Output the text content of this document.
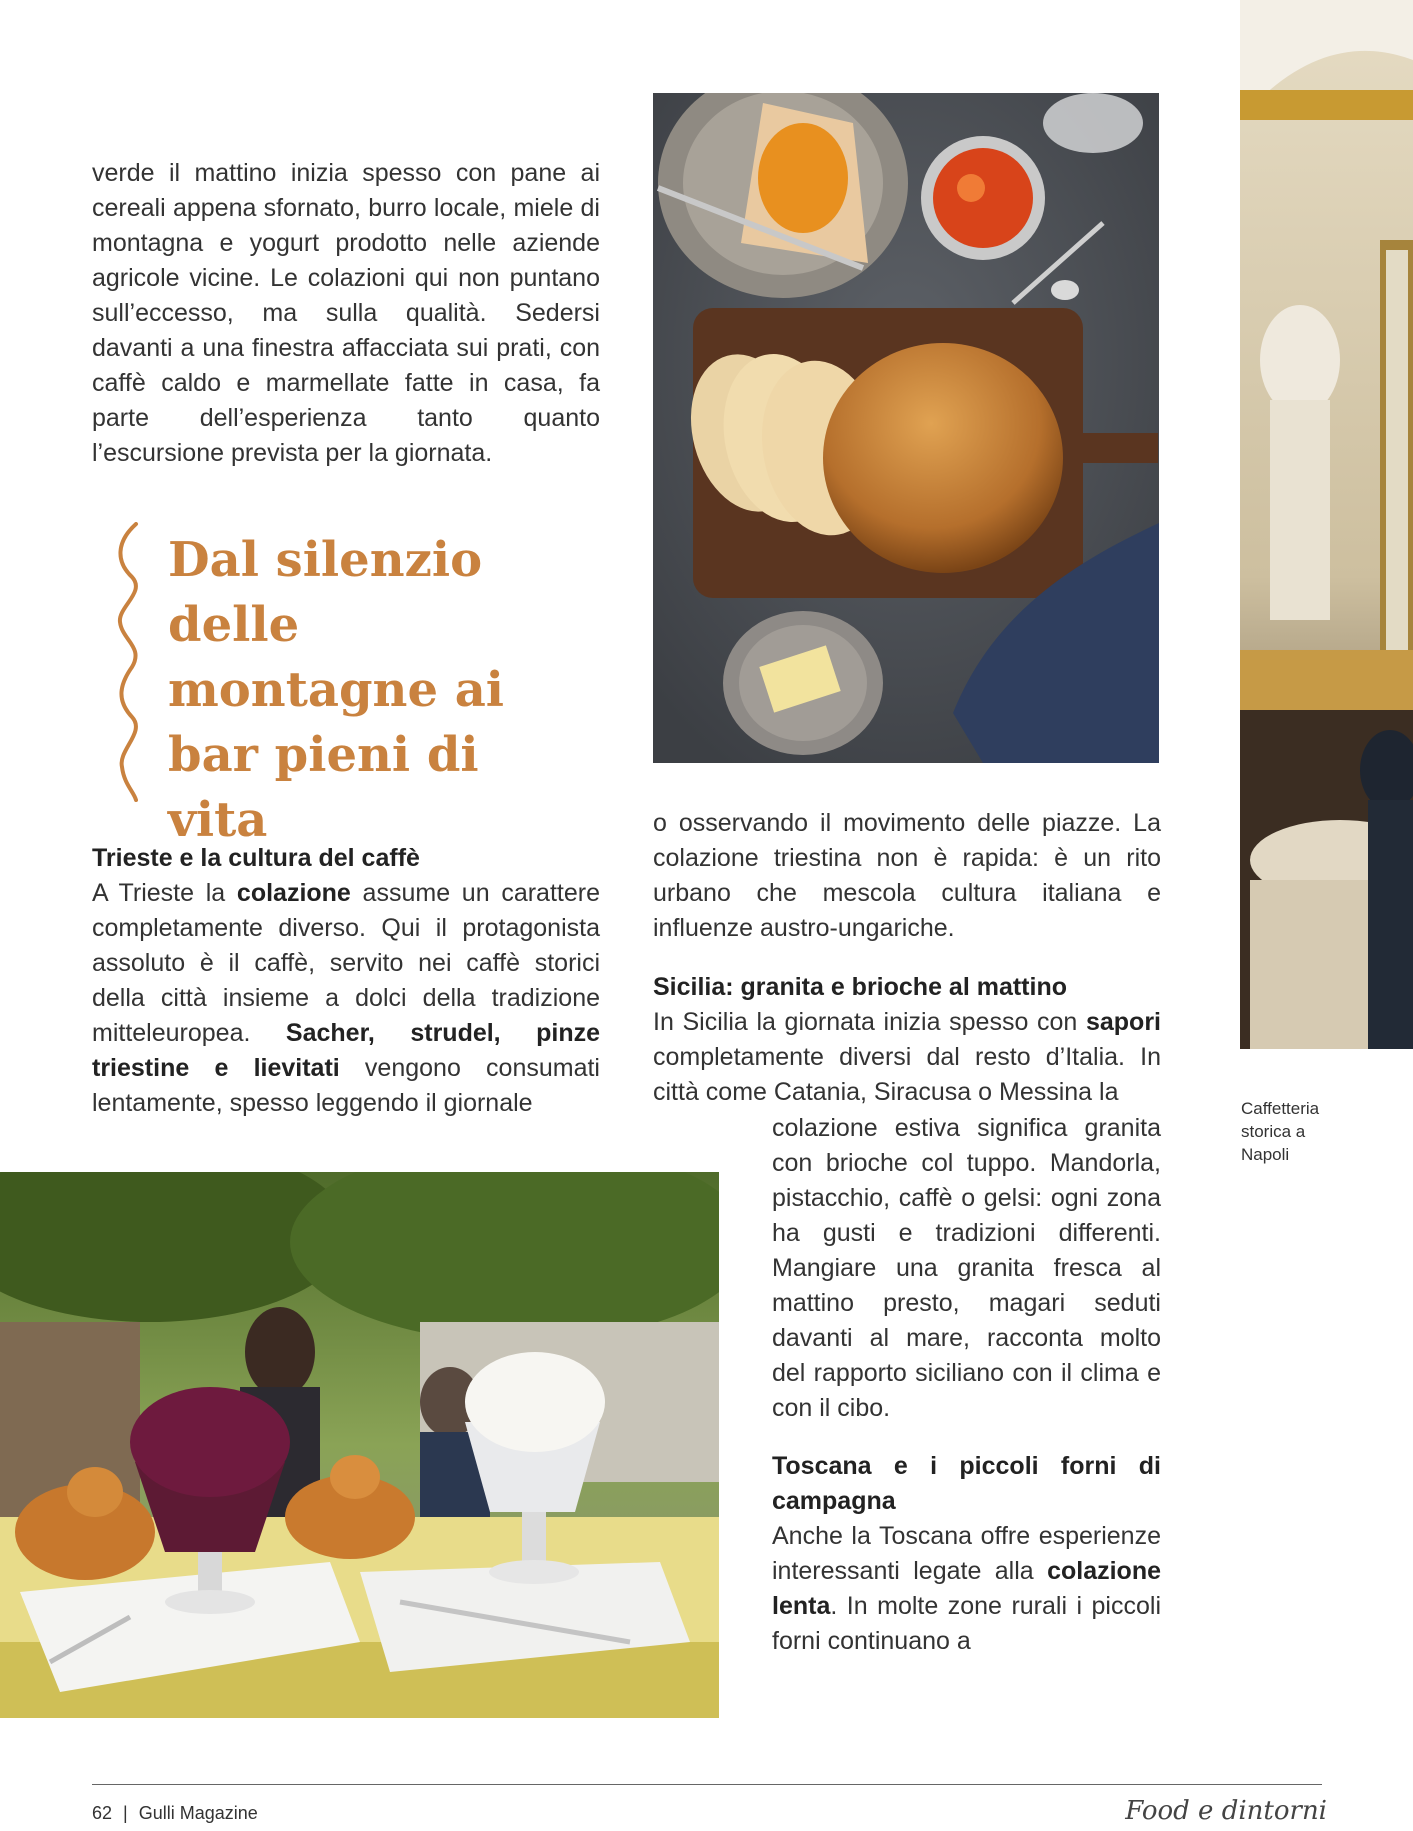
verde il mattino inizia spesso con pane ai cereali appena sfornato, burro locale, miele di montagna e yogurt prodotto nelle aziende agricole vicine. Le colazioni qui non puntano sull’eccesso, ma sulla qualità. Sedersi davanti a una finestra affacciata sui prati, con caffè caldo e marmellate fatte in casa, fa parte dell’esperienza tanto quanto l’escursione prevista per la giornata.

Dal silenzio delle montagne ai bar pieni di vita

Trieste e la cultura del caffè

A Trieste la colazione assume un carattere completamente diverso. Qui il protagonista assoluto è il caffè, servito nei caffè storici della città insieme a dolci della tradizione mitteleuropea. Sacher, strudel, pinze triestine e lievitati vengono consumati lentamente, spesso leggendo il giornale

o osservando il movimento delle piazze. La colazione triestina non è rapida: è un rito urbano che mescola cultura italiana e influenze austro-ungariche.

Sicilia: granita e brioche al mattino

In Sicilia la giornata inizia spesso con sapori completamente diversi dal resto d’Italia. In città come Catania, Siracusa o Messina la

colazione estiva significa granita con brioche col tuppo. Mandorla, pistacchio, caffè o gelsi: ogni zona ha gusti e tradizioni differenti. Mangiare una granita fresca al mattino presto, magari seduti davanti al mare, racconta molto del rapporto siciliano con il clima e con il cibo.

Toscana e i piccoli forni di campagna

Anche la Toscana offre esperienze interessanti legate alla colazione lenta. In molte zone rurali i piccoli forni continuano a

Caffetteria storica a Napoli

62 | Gulli Magazine	Food e dintorni
